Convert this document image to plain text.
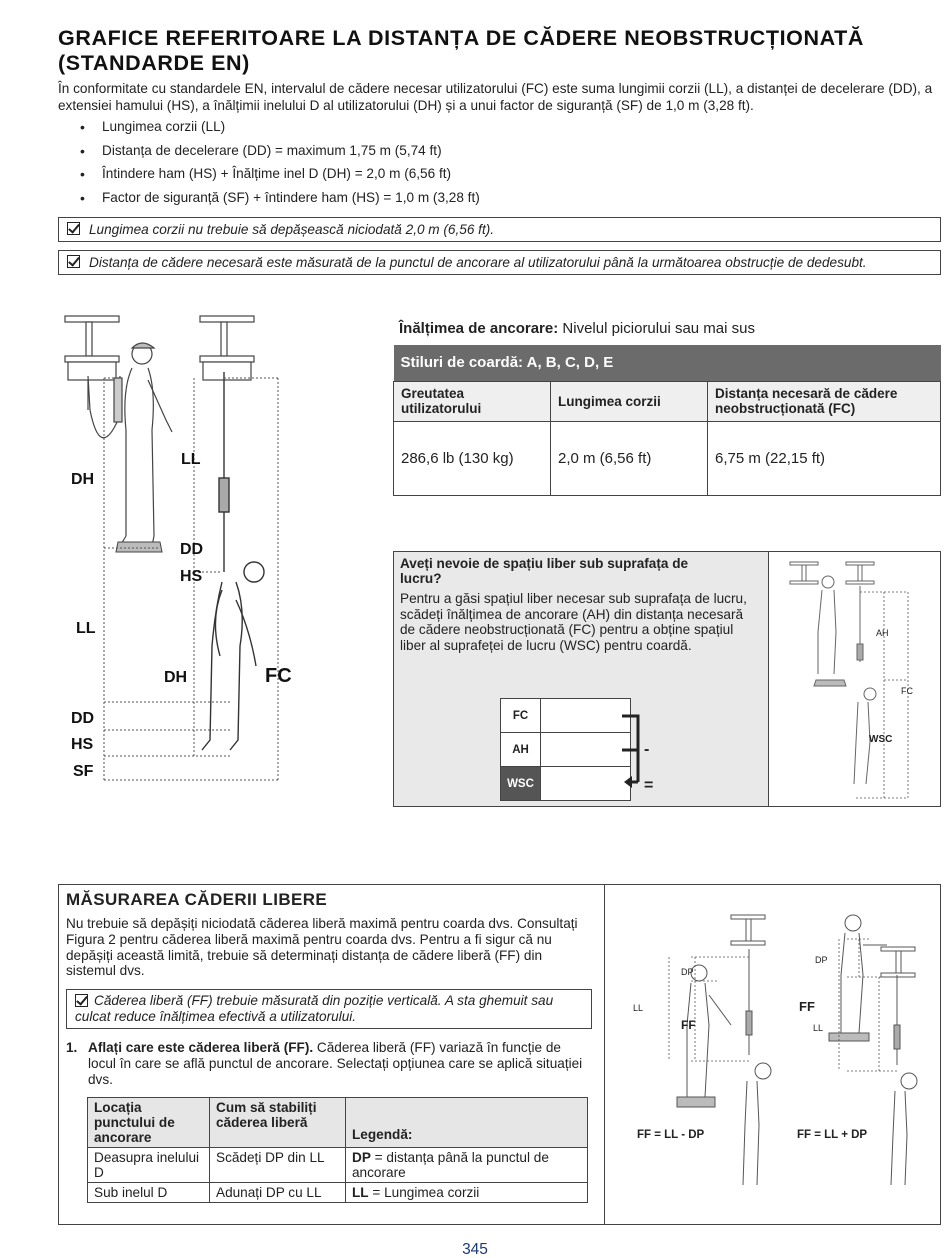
GRAFICE REFERITOARE LA DISTANȚA DE CĂDERE NEOBSTRUCȚIONATĂ (STANDARDE EN)

În conformitate cu standardele EN, intervalul de cădere necesar utilizatorului (FC) este suma lungimii corzii (LL), a distanței de decelerare (DD), a extensiei hamului (HS), a înălțimii inelului D al utilizatorului (DH) și a unui factor de siguranță (SF) de 1,0 m (3,28 ft).

• Lungimea corzii (LL)
• Distanța de decelerare (DD) = maximum 1,75 m (5,74 ft)
• Întindere ham (HS) + Înălțime inel D (DH) = 2,0 m (6,56 ft)
• Factor de siguranță (SF) + întindere ham (HS) = 1,0 m (3,28 ft)
Lungimea corzii nu trebuie să depășească niciodată 2,0 m (6,56 ft).
Distanța de cădere necesară este măsurată de la punctul de ancorare al utilizatorului până la următoarea obstrucție de dedesubt.
DH
LL
DD
HS
LL
DH	FC
DD
HS
SF
Înălțimea de ancorare: Nivelul piciorului sau mai sus
Stiluri de coardă: A, B, C, D, E		
Greutatea utilizatorului	Lungimea corzii	Distanța necesară de cădere neobstrucționată (FC)
286,6 lb (130 kg)	2,0 m (6,56 ft)	6,75 m (22,15 ft)
Aveți nevoie de spațiu liber sub suprafața de lucru?

Pentru a găsi spațiul liber necesar sub suprafața de lucru, scădeți înălțimea de ancorare (AH) din distanța necesară de cădere neobstrucționată (FC) pentru a obține spațiul liber al suprafeței de lucru (WSC) pentru coardă.

FC	
AH	
WSC	
-
=
AH
FC
WSC
MĂSURAREA CĂDERII LIBERE

Nu trebuie să depășiți niciodată căderea liberă maximă pentru coarda dvs. Consultați Figura 2 pentru căderea liberă maximă pentru coarda dvs. Pentru a fi sigur că nu depășiți această limită, trebuie să determinați distanța de cădere liberă (FF) din sistemul dvs.

Căderea liberă (FF) trebuie măsurată din poziție verticală. A sta ghemuit sau culcat reduce înălțimea efectivă a utilizatorului.
1. Aflați care este căderea liberă (FF). Căderea liberă (FF) variază în funcție de locul în care se află punctul de ancorare. Selectați opțiunea care se aplică situației dvs.
Locația punctului de ancorare	Cum să stabiliți căderea liberă	Legendă:
Deasupra inelului D	Scădeți DP din LL	DP = distanța până la punctul de ancorare
Sub inelul D	Adunați DP cu LL	LL = Lungimea corzii
DP
LL
FF
DP
FF
LL
FF = LL - DP	FF = LL + DP
345
